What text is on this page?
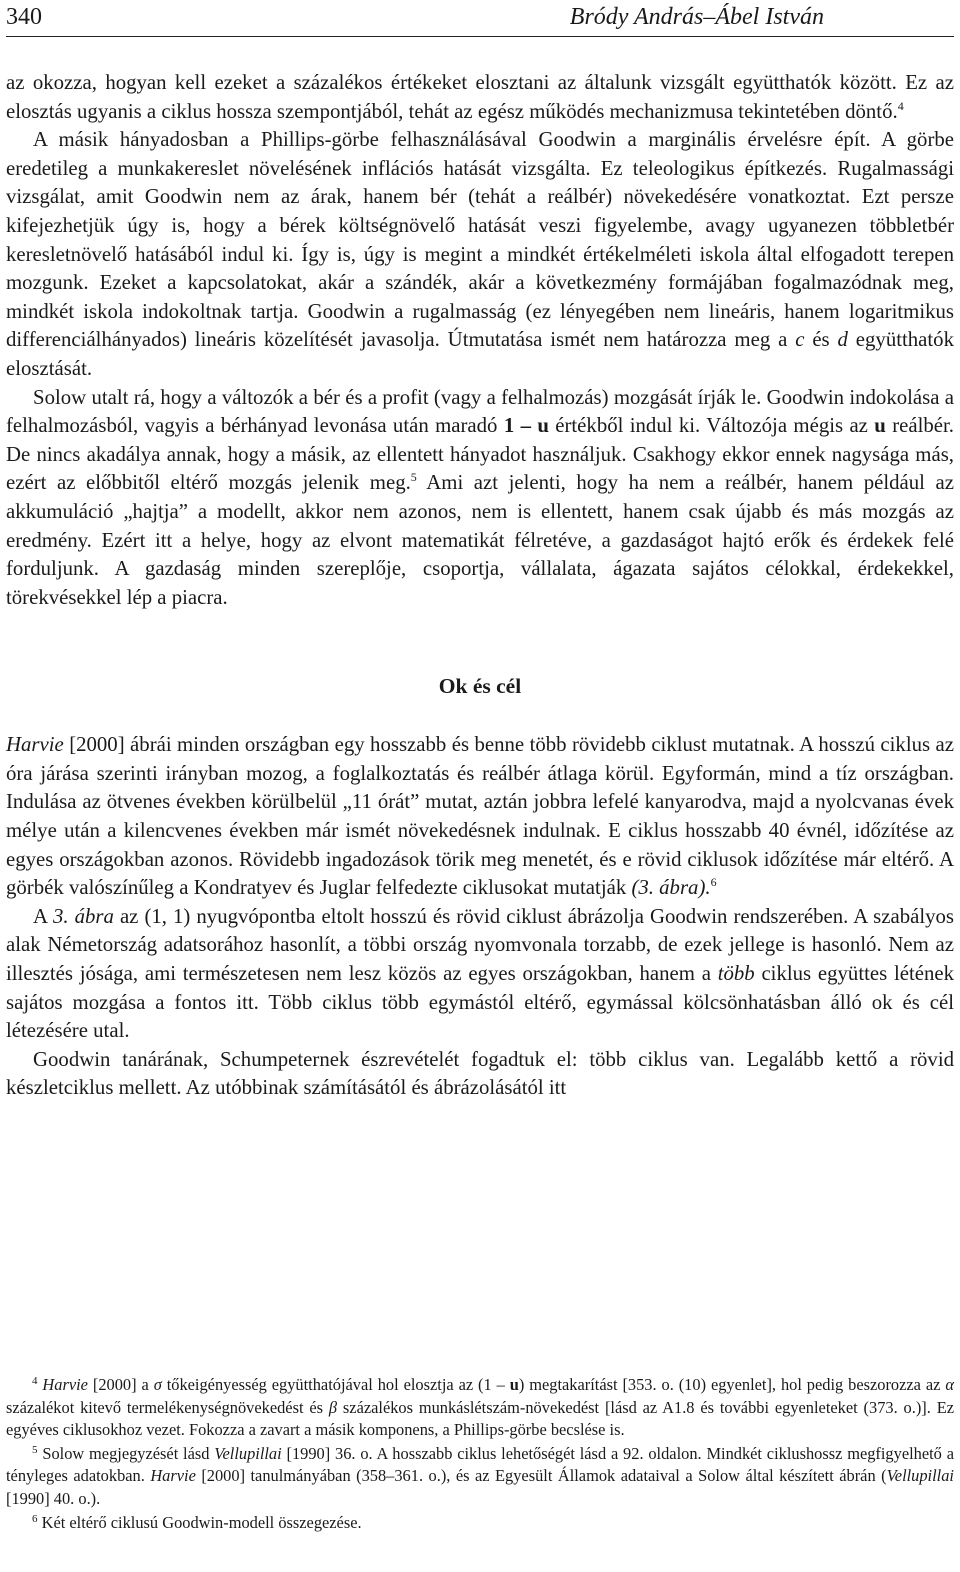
340	Bródy András–Ábel István

az okozza, hogyan kell ezeket a százalékos értékeket elosztani az általunk vizsgált együtthatók között. Ez az elosztás ugyanis a ciklus hossza szempontjából, tehát az egész működés mechanizmusa tekintetében döntő.$^4$

A másik hányadosban a Phillips-görbe felhasználásával Goodwin a marginális érvelésre épít. A görbe eredetileg a munkakereslet növelésének inflációs hatását vizsgálta. Ez teleologikus építkezés. Rugalmassági vizsgálat, amit Goodwin nem az árak, hanem bér (tehát a reálbér) növekedésére vonatkoztat. Ezt persze kifejezhetjük úgy is, hogy a bérek költségnövelő hatását veszi figyelembe, avagy ugyanezen többletbér keresletnövelő hatásából indul ki. Így is, úgy is megint a mindkét értékelméleti iskola által elfogadott terepen mozgunk. Ezeket a kapcsolatokat, akár a szándék, akár a következmény formájában fogalmazódnak meg, mindkét iskola indokoltnak tartja. Goodwin a rugalmasság (ez lényegében nem lineáris, hanem logaritmikus differenciálhányados) lineáris közelítését javasolja. Útmutatása ismét nem határozza meg a c és d együtthatók elosztását.

Solow utalt rá, hogy a változók a bér és a profit (vagy a felhalmozás) mozgását írják le. Goodwin indokolása a felhalmozásból, vagyis a bérhányad levonása után maradó 1 – u értékből indul ki. Változója mégis az u reálbér. De nincs akadálya annak, hogy a másik, az ellentett hányadot használjuk. Csakhogy ekkor ennek nagysága más, ezért az előbbitől eltérő mozgás jelenik meg.$^5$ Ami azt jelenti, hogy ha nem a reálbér, hanem például az akkumuláció „hajtja” a modellt, akkor nem azonos, nem is ellentett, hanem csak újabb és más mozgás az eredmény. Ezért itt a helye, hogy az elvont matematikát félretéve, a gazdaságot hajtó erők és érdekek felé forduljunk. A gazdaság minden szereplője, csoportja, vállalata, ágazata sajátos célokkal, érdekekkel, törekvésekkel lép a piacra.

Ok és cél

Harvie [2000] ábrái minden országban egy hosszabb és benne több rövidebb ciklust mutatnak. A hosszú ciklus az óra járása szerinti irányban mozog, a foglalkoztatás és reálbér átlaga körül. Egyformán, mind a tíz országban. Indulása az ötvenes években körülbelül „11 órát” mutat, aztán jobbra lefelé kanyarodva, majd a nyolcvanas évek mélye után a kilencvenes években már ismét növekedésnek indulnak. E ciklus hosszabb 40 évnél, időzítése az egyes országokban azonos. Rövidebb ingadozások törik meg menetét, és e rövid ciklusok időzítése már eltérő. A görbék valószínűleg a Kondratyev és Juglar felfedezte ciklusokat mutatják (3. ábra).$^6$

A 3. ábra az (1, 1) nyugvópontba eltolt hosszú és rövid ciklust ábrázolja Goodwin rendszerében. A szabályos alak Németország adatsorához hasonlít, a többi ország nyomvonala torzabb, de ezek jellege is hasonló. Nem az illesztés jósága, ami természetesen nem lesz közös az egyes országokban, hanem a több ciklus együttes létének sajátos mozgása a fontos itt. Több ciklus több egymástól eltérő, egymással kölcsönhatásban álló ok és cél létezésére utal.

Goodwin tanárának, Schumpeternek észrevételét fogadtuk el: több ciklus van. Legalább kettő a rövid készletciklus mellett. Az utóbbinak számításától és ábrázolásától itt

$^4$ Harvie [2000] a σ tőkeigényesség együtthatójával hol elosztja az (1 – u) megtakarítást [353. o. (10) egyenlet], hol pedig beszorozza az α százalékot kitevő termelékenységnövekedést és β százalékos munkáslétszám-növekedést [lásd az A1.8 és további egyenleteket (373. o.)]. Ez egyéves ciklusokhoz vezet. Fokozza a zavart a másik komponens, a Phillips-görbe becslése is.

$^5$ Solow megjegyzését lásd Vellupillai [1990] 36. o. A hosszabb ciklus lehetőségét lásd a 92. oldalon. Mindkét ciklushossz megfigyelhető a tényleges adatokban. Harvie [2000] tanulmányában (358–361. o.), és az Egyesült Államok adataival a Solow által készített ábrán (Vellupillai [1990] 40. o.).

$^6$ Két eltérő ciklusú Goodwin-modell összegezése.
